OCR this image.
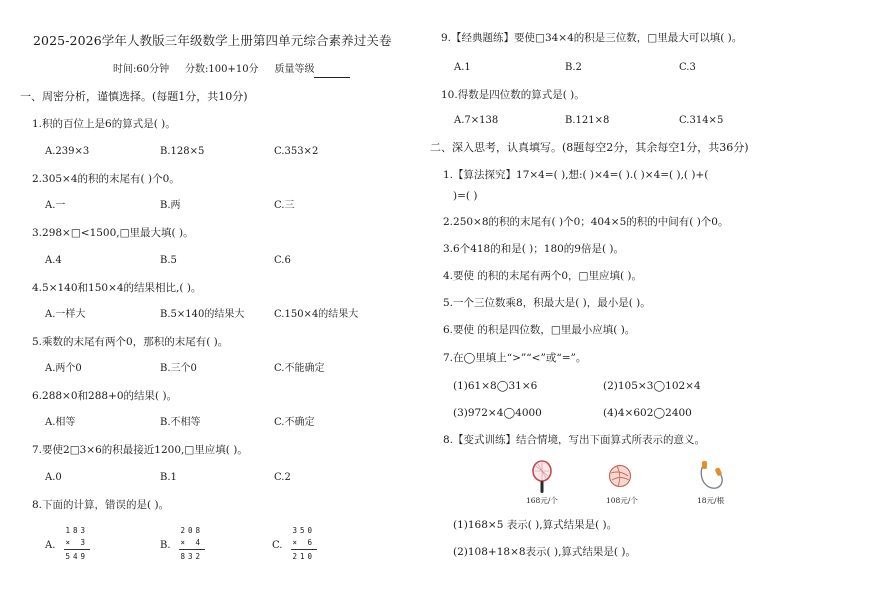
2025-2026学年人教版三年级数学上册第四单元综合素养过关卷
时间:60分钟 分数:100+10分 质量等级
一、周密分析，谨慎选择。(每题1分，共10分)
1.积的百位上是6的算式是( )。
A.239×3	B.128×5	C.353×2
2.305×4的积的末尾有( )个0。
A.一	B.两	C.三
3.298×□<1500,□里最大填( )。
A.4	B.5	C.6
4.5×140和150×4的结果相比,( )。
A.一样大	B.5×140的结果大	C.150×4的结果大
5.乘数的末尾有两个0，那积的末尾有( )。
A.两个0	B.三个0	C.不能确定
6.288×0和288+0的结果( )。
A.相等	B.不相等	C.不确定
7.要使2□3×6的积最接近1200,□里应填( )。
A.0	B.1	C.2
8.下面的计算，错误的是( )。
A.
183
× 3
549
B.
208
× 4
832
C.
350
× 6
210
9.【经典题练】要使□34×4的积是三位数，□里最大可以填( )。
A.1	B.2	C.3
10.得数是四位数的算式是( )。
A.7×138	B.121×8	C.314×5
二、深入思考，认真填写。(8题每空2分，其余每空1分，共36分)
1.【算法探究】17×4=( ),想:( )×4=( ).( )×4=( ),( )+(
)=( )
2.250×8的积的末尾有( )个0；404×5的积的中间有( )个0。
3.6个418的和是( )；180的9倍是( )。
4.要使 的积的末尾有两个0，□里应填( )。
5.一个三位数乘8，积最大是( )，最小是( )。
6.要使 的积是四位数，□里最小应填( )。
7.在◯里填上“>”“<”或“=”。
(1)61×8◯31×6	(2)105×3◯102×4
(3)972×4◯4000	(4)4×602◯2400
8.【变式训练】结合情境，写出下面算式所表示的意义。
168元/个	108元/个	18元/根
(1)168×5 表示( ),算式结果是( )。
(2)108+18×8表示( ),算式结果是( )。
